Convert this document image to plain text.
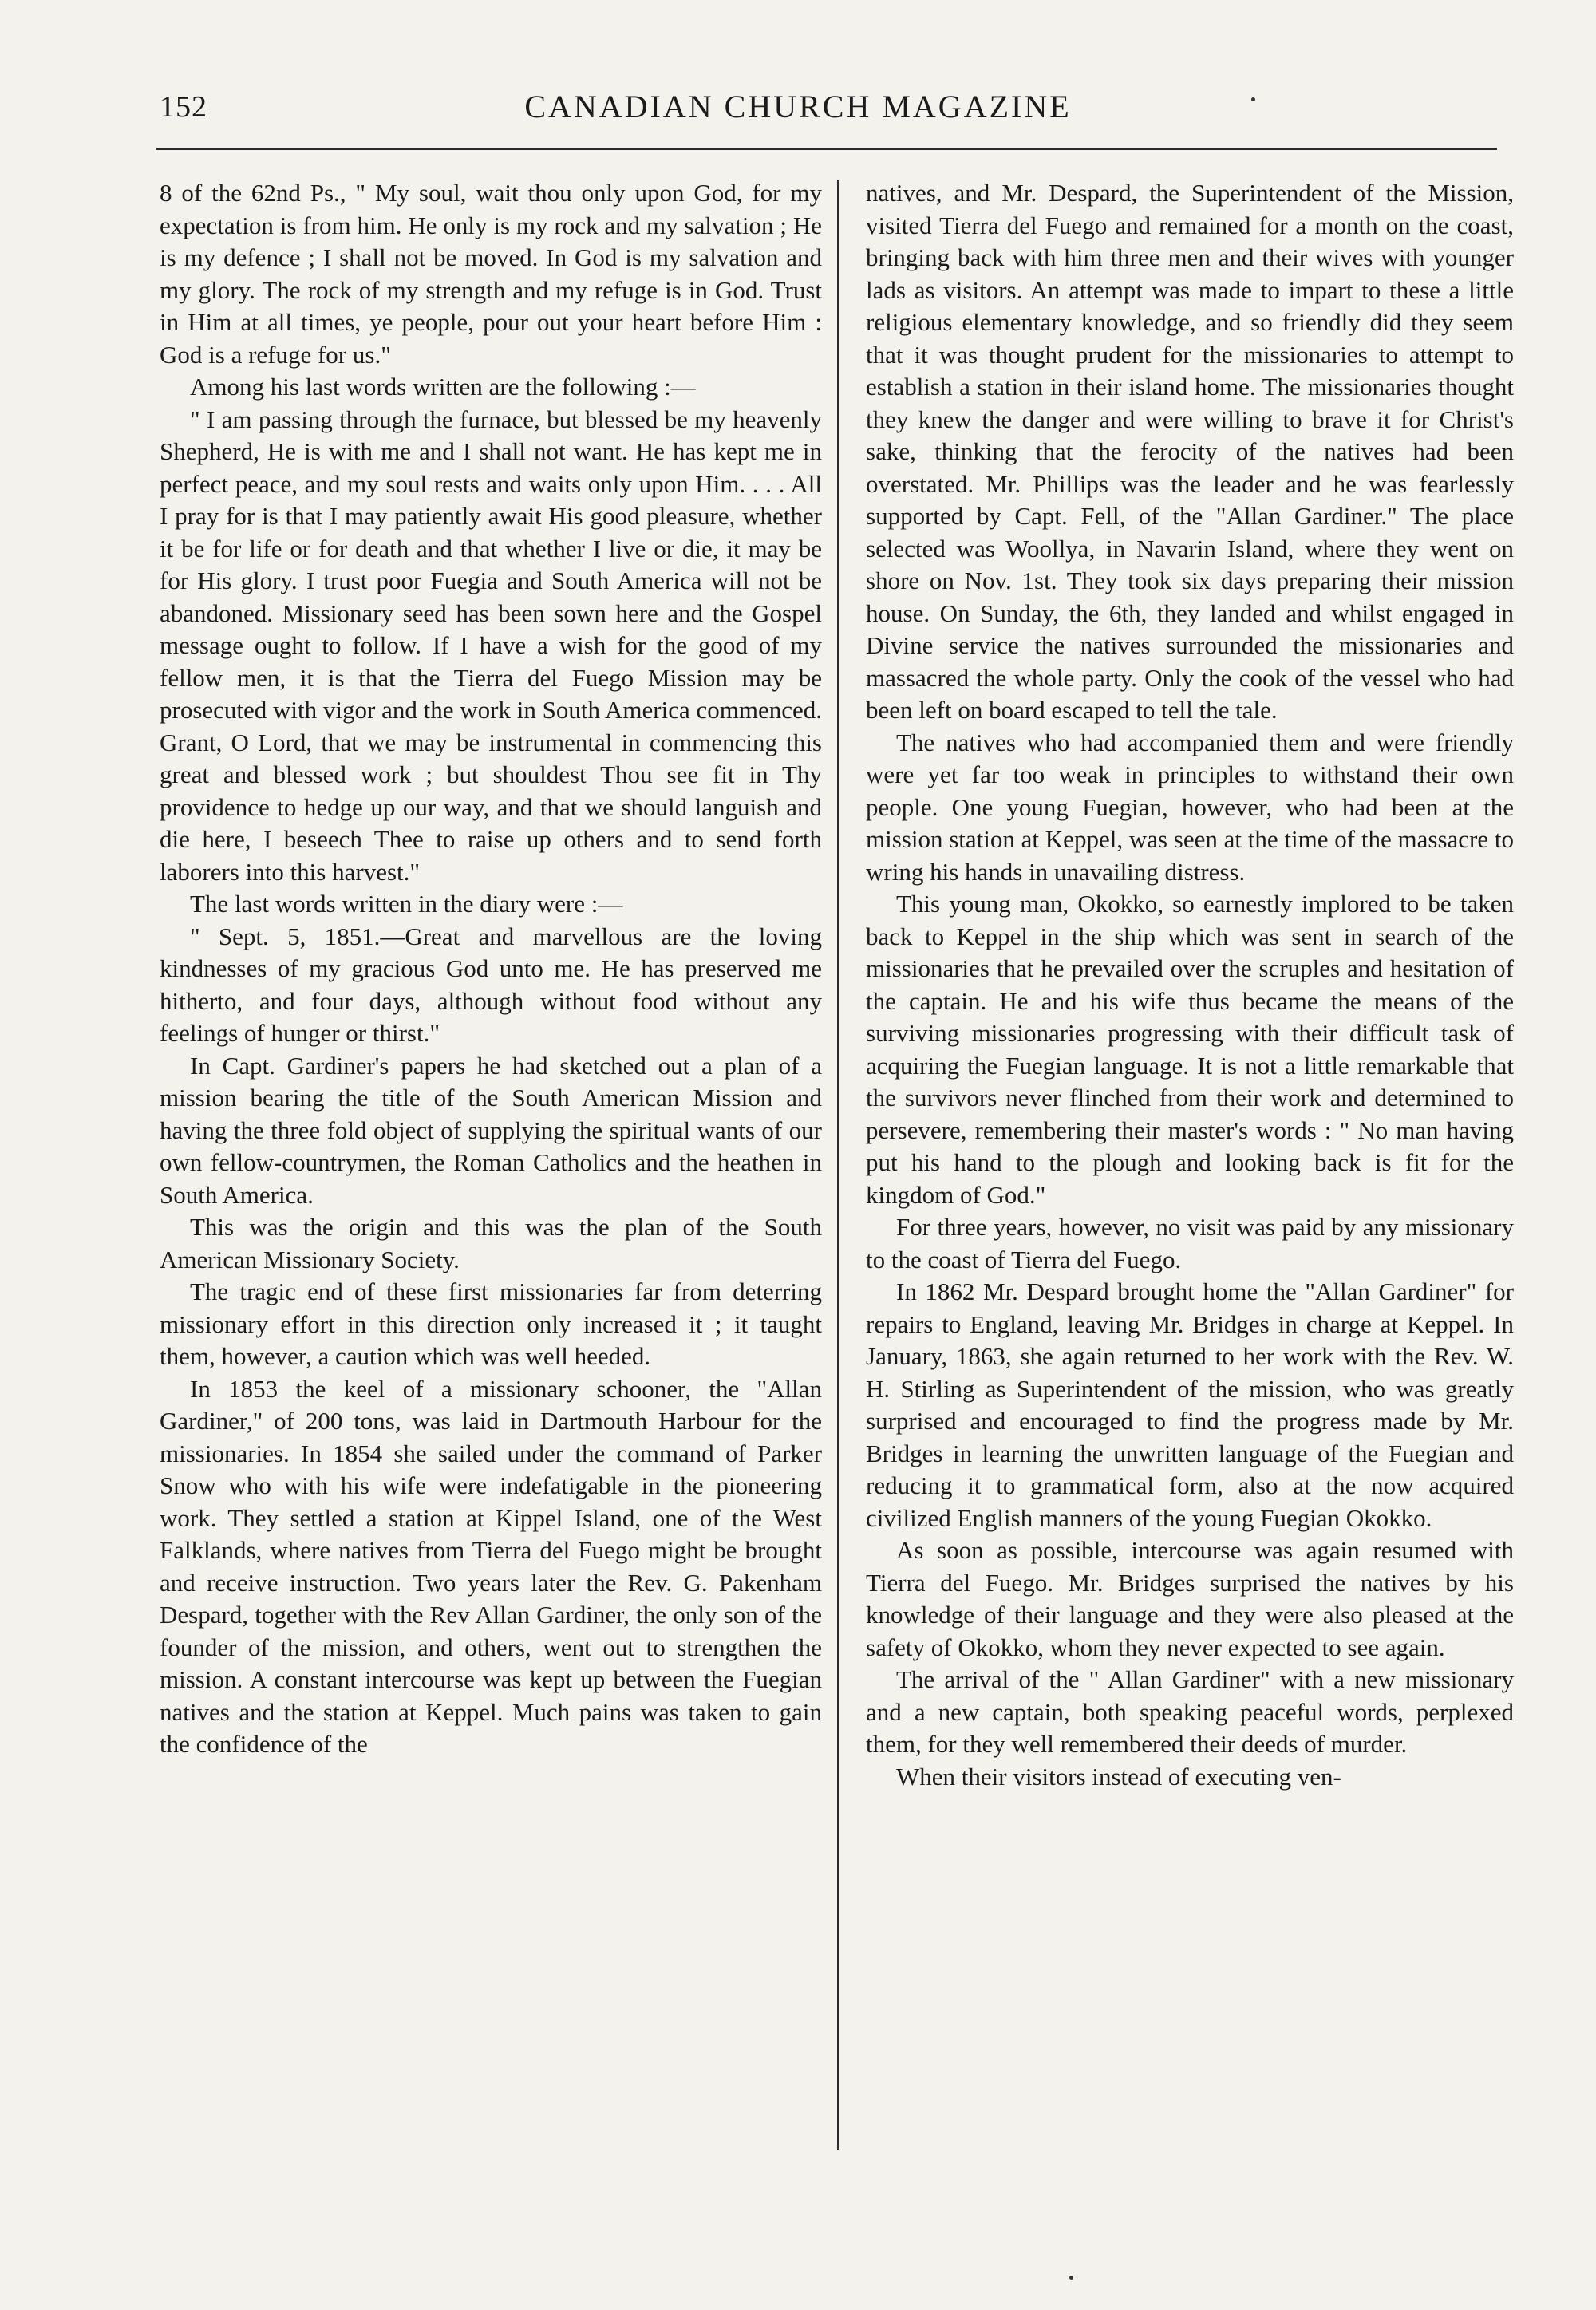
152	CANADIAN CHURCH MAGAZINE

8 of the 62nd Ps., " My soul, wait thou only upon God, for my expectation is from him. He only is my rock and my salvation ; He is my defence ; I shall not be moved. In God is my salvation and my glory. The rock of my strength and my refuge is in God. Trust in Him at all times, ye people, pour out your heart before Him : God is a refuge for us."

Among his last words written are the following :—

" I am passing through the furnace, but blessed be my heavenly Shepherd, He is with me and I shall not want. He has kept me in perfect peace, and my soul rests and waits only upon Him. . . . All I pray for is that I may patiently await His good pleasure, whether it be for life or for death and that whether I live or die, it may be for His glory. I trust poor Fuegia and South America will not be abandoned. Missionary seed has been sown here and the Gospel message ought to follow. If I have a wish for the good of my fellow men, it is that the Tierra del Fuego Mission may be prosecuted with vigor and the work in South America commenced. Grant, O Lord, that we may be instrumental in commencing this great and blessed work ; but shouldest Thou see fit in Thy providence to hedge up our way, and that we should languish and die here, I beseech Thee to raise up others and to send forth laborers into this harvest."

The last words written in the diary were :—

" Sept. 5, 1851.—Great and marvellous are the loving kindnesses of my gracious God unto me. He has preserved me hitherto, and four days, although without food without any feelings of hunger or thirst."

In Capt. Gardiner's papers he had sketched out a plan of a mission bearing the title of the South American Mission and having the three fold object of supplying the spiritual wants of our own fellow-countrymen, the Roman Catholics and the heathen in South America.

This was the origin and this was the plan of the South American Missionary Society.

The tragic end of these first missionaries far from deterring missionary effort in this direction only increased it ; it taught them, however, a caution which was well heeded.

In 1853 the keel of a missionary schooner, the "Allan Gardiner," of 200 tons, was laid in Dartmouth Harbour for the missionaries. In 1854 she sailed under the command of Parker Snow who with his wife were indefatigable in the pioneering work. They settled a station at Kippel Island, one of the West Falklands, where natives from Tierra del Fuego might be brought and receive instruction. Two years later the Rev. G. Pakenham Despard, together with the Rev Allan Gardiner, the only son of the founder of the mission, and others, went out to strengthen the mission. A constant intercourse was kept up between the Fuegian natives and the station at Keppel. Much pains was taken to gain the confidence of the

natives, and Mr. Despard, the Superintendent of the Mission, visited Tierra del Fuego and remained for a month on the coast, bringing back with him three men and their wives with younger lads as visitors. An attempt was made to impart to these a little religious elementary knowledge, and so friendly did they seem that it was thought prudent for the missionaries to attempt to establish a station in their island home. The missionaries thought they knew the danger and were willing to brave it for Christ's sake, thinking that the ferocity of the natives had been overstated. Mr. Phillips was the leader and he was fearlessly supported by Capt. Fell, of the "Allan Gardiner." The place selected was Woollya, in Navarin Island, where they went on shore on Nov. 1st. They took six days preparing their mission house. On Sunday, the 6th, they landed and whilst engaged in Divine service the natives surrounded the missionaries and massacred the whole party. Only the cook of the vessel who had been left on board escaped to tell the tale.

The natives who had accompanied them and were friendly were yet far too weak in principles to withstand their own people. One young Fuegian, however, who had been at the mission station at Keppel, was seen at the time of the massacre to wring his hands in unavailing distress.

This young man, Okokko, so earnestly implored to be taken back to Keppel in the ship which was sent in search of the missionaries that he prevailed over the scruples and hesitation of the captain. He and his wife thus became the means of the surviving missionaries progressing with their difficult task of acquiring the Fuegian language. It is not a little remarkable that the survivors never flinched from their work and determined to persevere, remembering their master's words : " No man having put his hand to the plough and looking back is fit for the kingdom of God."

For three years, however, no visit was paid by any missionary to the coast of Tierra del Fuego.

In 1862 Mr. Despard brought home the "Allan Gardiner" for repairs to England, leaving Mr. Bridges in charge at Keppel. In January, 1863, she again returned to her work with the Rev. W. H. Stirling as Superintendent of the mission, who was greatly surprised and encouraged to find the progress made by Mr. Bridges in learning the unwritten language of the Fuegian and reducing it to grammatical form, also at the now acquired civilized English manners of the young Fuegian Okokko.

As soon as possible, intercourse was again resumed with Tierra del Fuego. Mr. Bridges surprised the natives by his knowledge of their language and they were also pleased at the safety of Okokko, whom they never expected to see again.

The arrival of the " Allan Gardiner" with a new missionary and a new captain, both speaking peaceful words, perplexed them, for they well remembered their deeds of murder.

When their visitors instead of executing ven-
